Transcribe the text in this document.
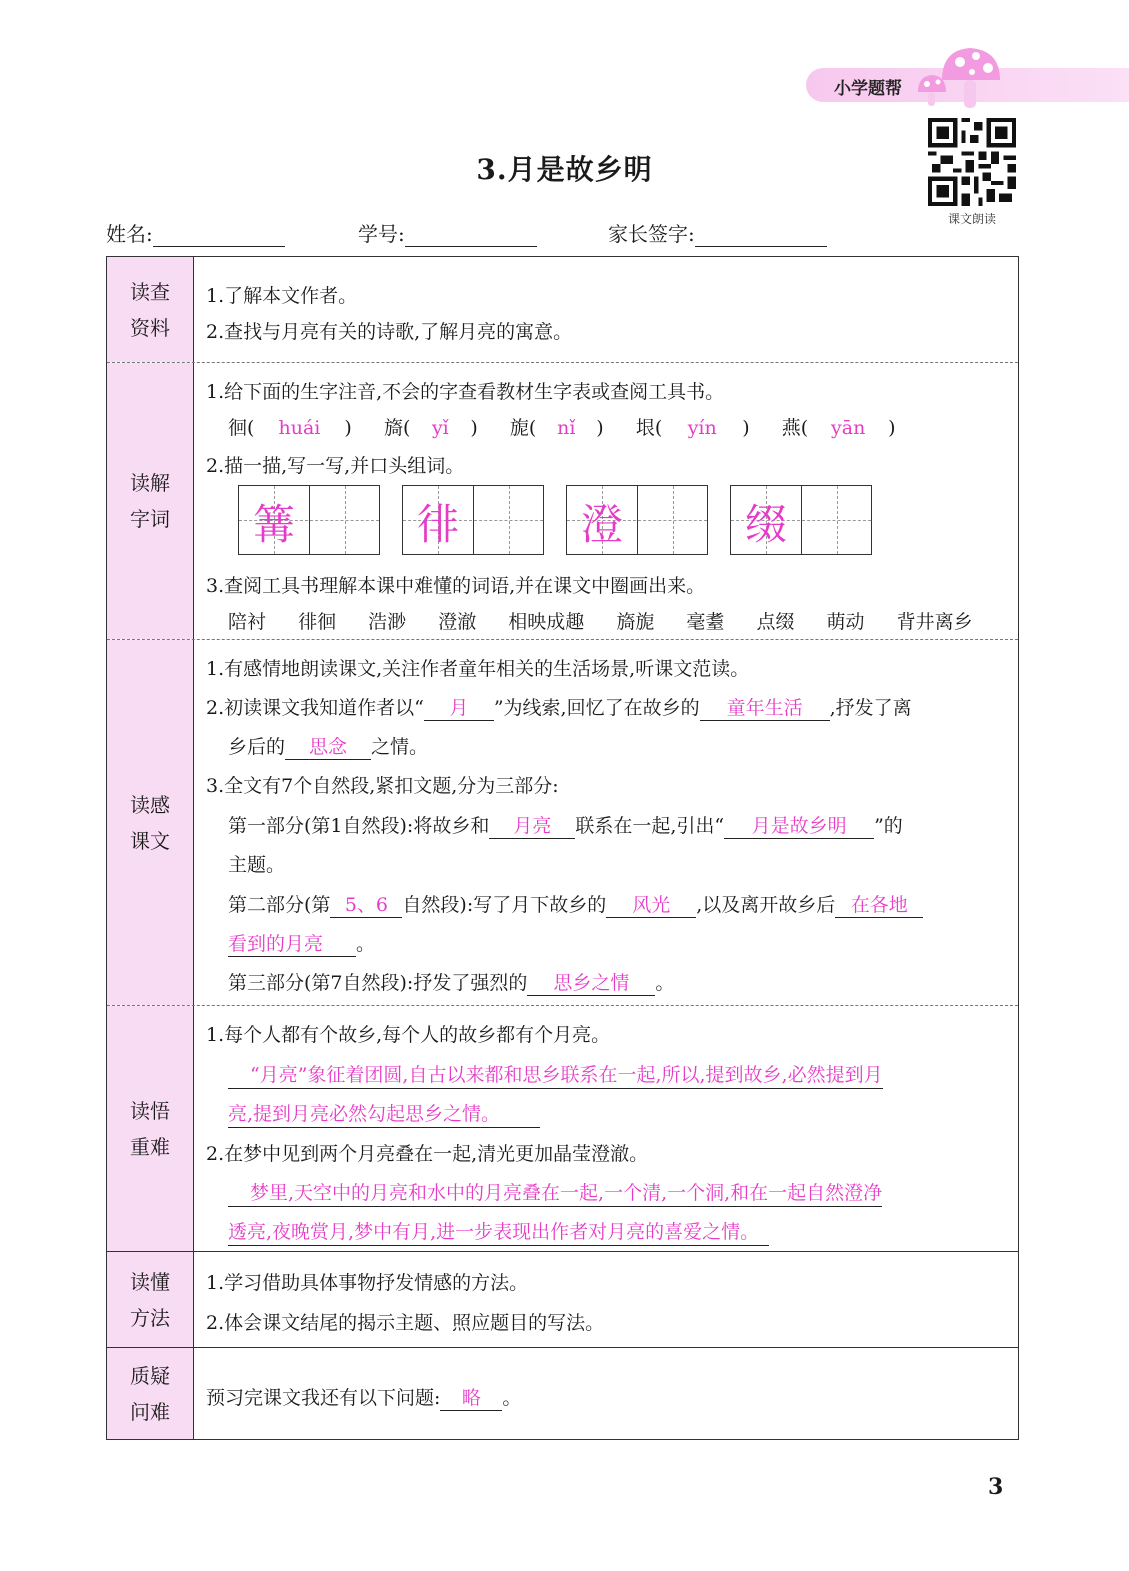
小学题帮
课文朗读
3.月是故乡明
姓名:	学号:	家长签字:
读查
资料
1.了解本文作者。
2.查找与月亮有关的诗歌,了解月亮的寓意。
读解
字词
1.给下面的生字注音,不会的字查看教材生字表或查阅工具书。
徊( huái ) 旖( yǐ ) 旎( nǐ ) 垠( yín ) 燕( yān )
2.描一描,写一写,并口头组词。
篝	徘	澄	缀
3.查阅工具书理解本课中难懂的词语,并在课文中圈画出来。
陪衬 徘徊 浩渺 澄澈 相映成趣 旖旎 毫耋 点缀 萌动 背井离乡
读感
课文
1.有感情地朗读课文,关注作者童年相关的生活场景,听课文范读。
2.初读课文我知道作者以“ 月 ”为线索,回忆了在故乡的 童年生活 ,抒发了离
乡后的 思念 之情。
3.全文有7个自然段,紧扣文题,分为三部分:
第一部分(第1自然段):将故乡和 月亮 联系在一起,引出“ 月是故乡明 ”的
主题。
第二部分(第 5、6 自然段):写了月下故乡的 风光 ,以及离开故乡后 在各地
看到的月亮 。
第三部分(第7自然段):抒发了强烈的 思乡之情 。
读悟
重难
1.每个人都有个故乡,每个人的故乡都有个月亮。
“月亮”象征着团圆,自古以来都和思乡联系在一起,所以,提到故乡,必然提到月
亮,提到月亮必然勾起思乡之情。
2.在梦中见到两个月亮叠在一起,清光更加晶莹澄澈。
梦里,天空中的月亮和水中的月亮叠在一起,一个清,一个洞,和在一起自然澄净
透亮,夜晚赏月,梦中有月,进一步表现出作者对月亮的喜爱之情。
读懂
方法
1.学习借助具体事物抒发情感的方法。
2.体会课文结尾的揭示主题、照应题目的写法。
质疑
问难
预习完课文我还有以下问题: 略 。
3
